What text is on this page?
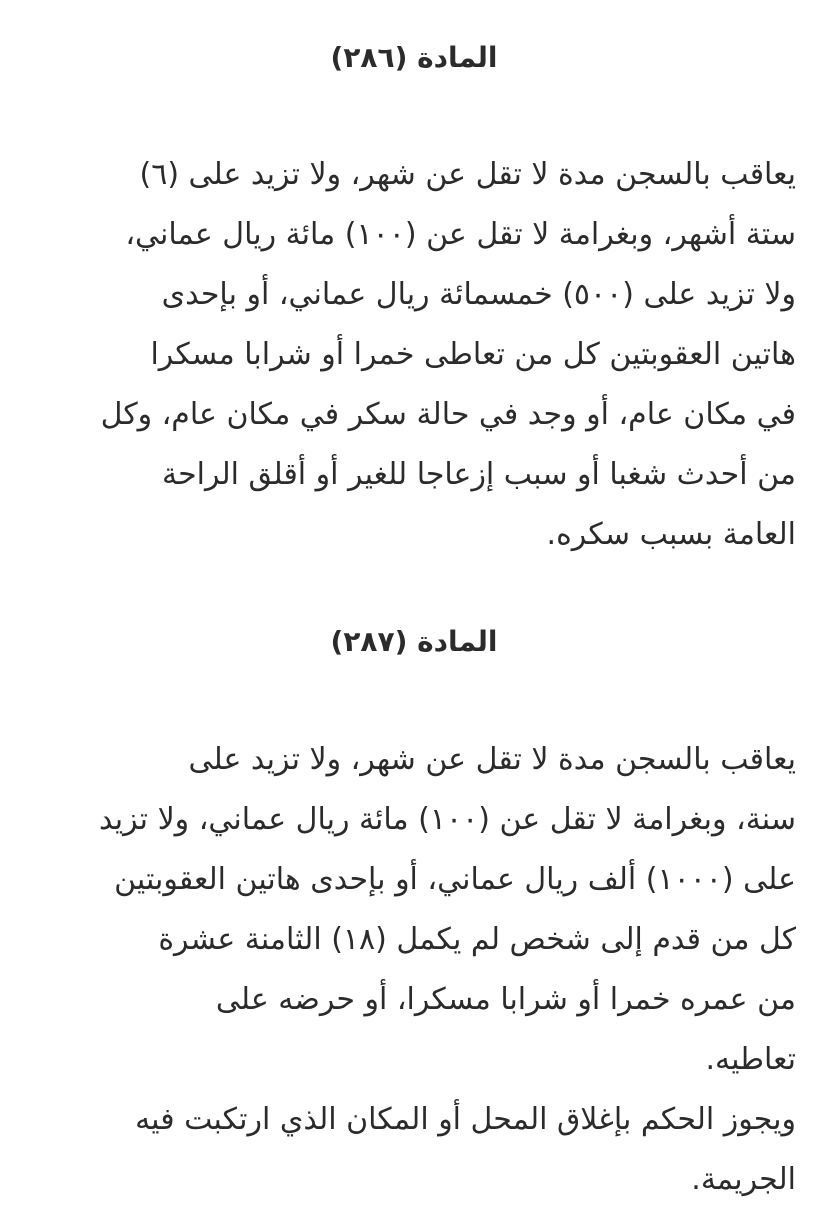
المادة (٢٨٦)
يعاقب بالسجن مدة لا تقل عن شهر، ولا تزيد على (٦)
ستة أشهر، وبغرامة لا تقل عن (١٠٠) مائة ريال عماني،
ولا تزيد على (٥٠٠) خمسمائة ريال عماني، أو بإحدى
هاتين العقوبتين كل من تعاطى خمرا أو شرابا مسكرا
في مكان عام، أو وجد في حالة سكر في مكان عام، وكل
من أحدث شغبا أو سبب إزعاجا للغير أو أقلق الراحة
العامة بسبب سكره.
المادة (٢٨٧)
يعاقب بالسجن مدة لا تقل عن شهر، ولا تزيد على
سنة، وبغرامة لا تقل عن (١٠٠) مائة ريال عماني، ولا تزيد
على (١٠٠٠) ألف ريال عماني، أو بإحدى هاتين العقوبتين
كل من قدم إلى شخص لم يكمل (١٨) الثامنة عشرة
من عمره خمرا أو شرابا مسكرا، أو حرضه على
تعاطيه.
ويجوز الحكم بإغلاق المحل أو المكان الذي ارتكبت فيه
الجريمة.
